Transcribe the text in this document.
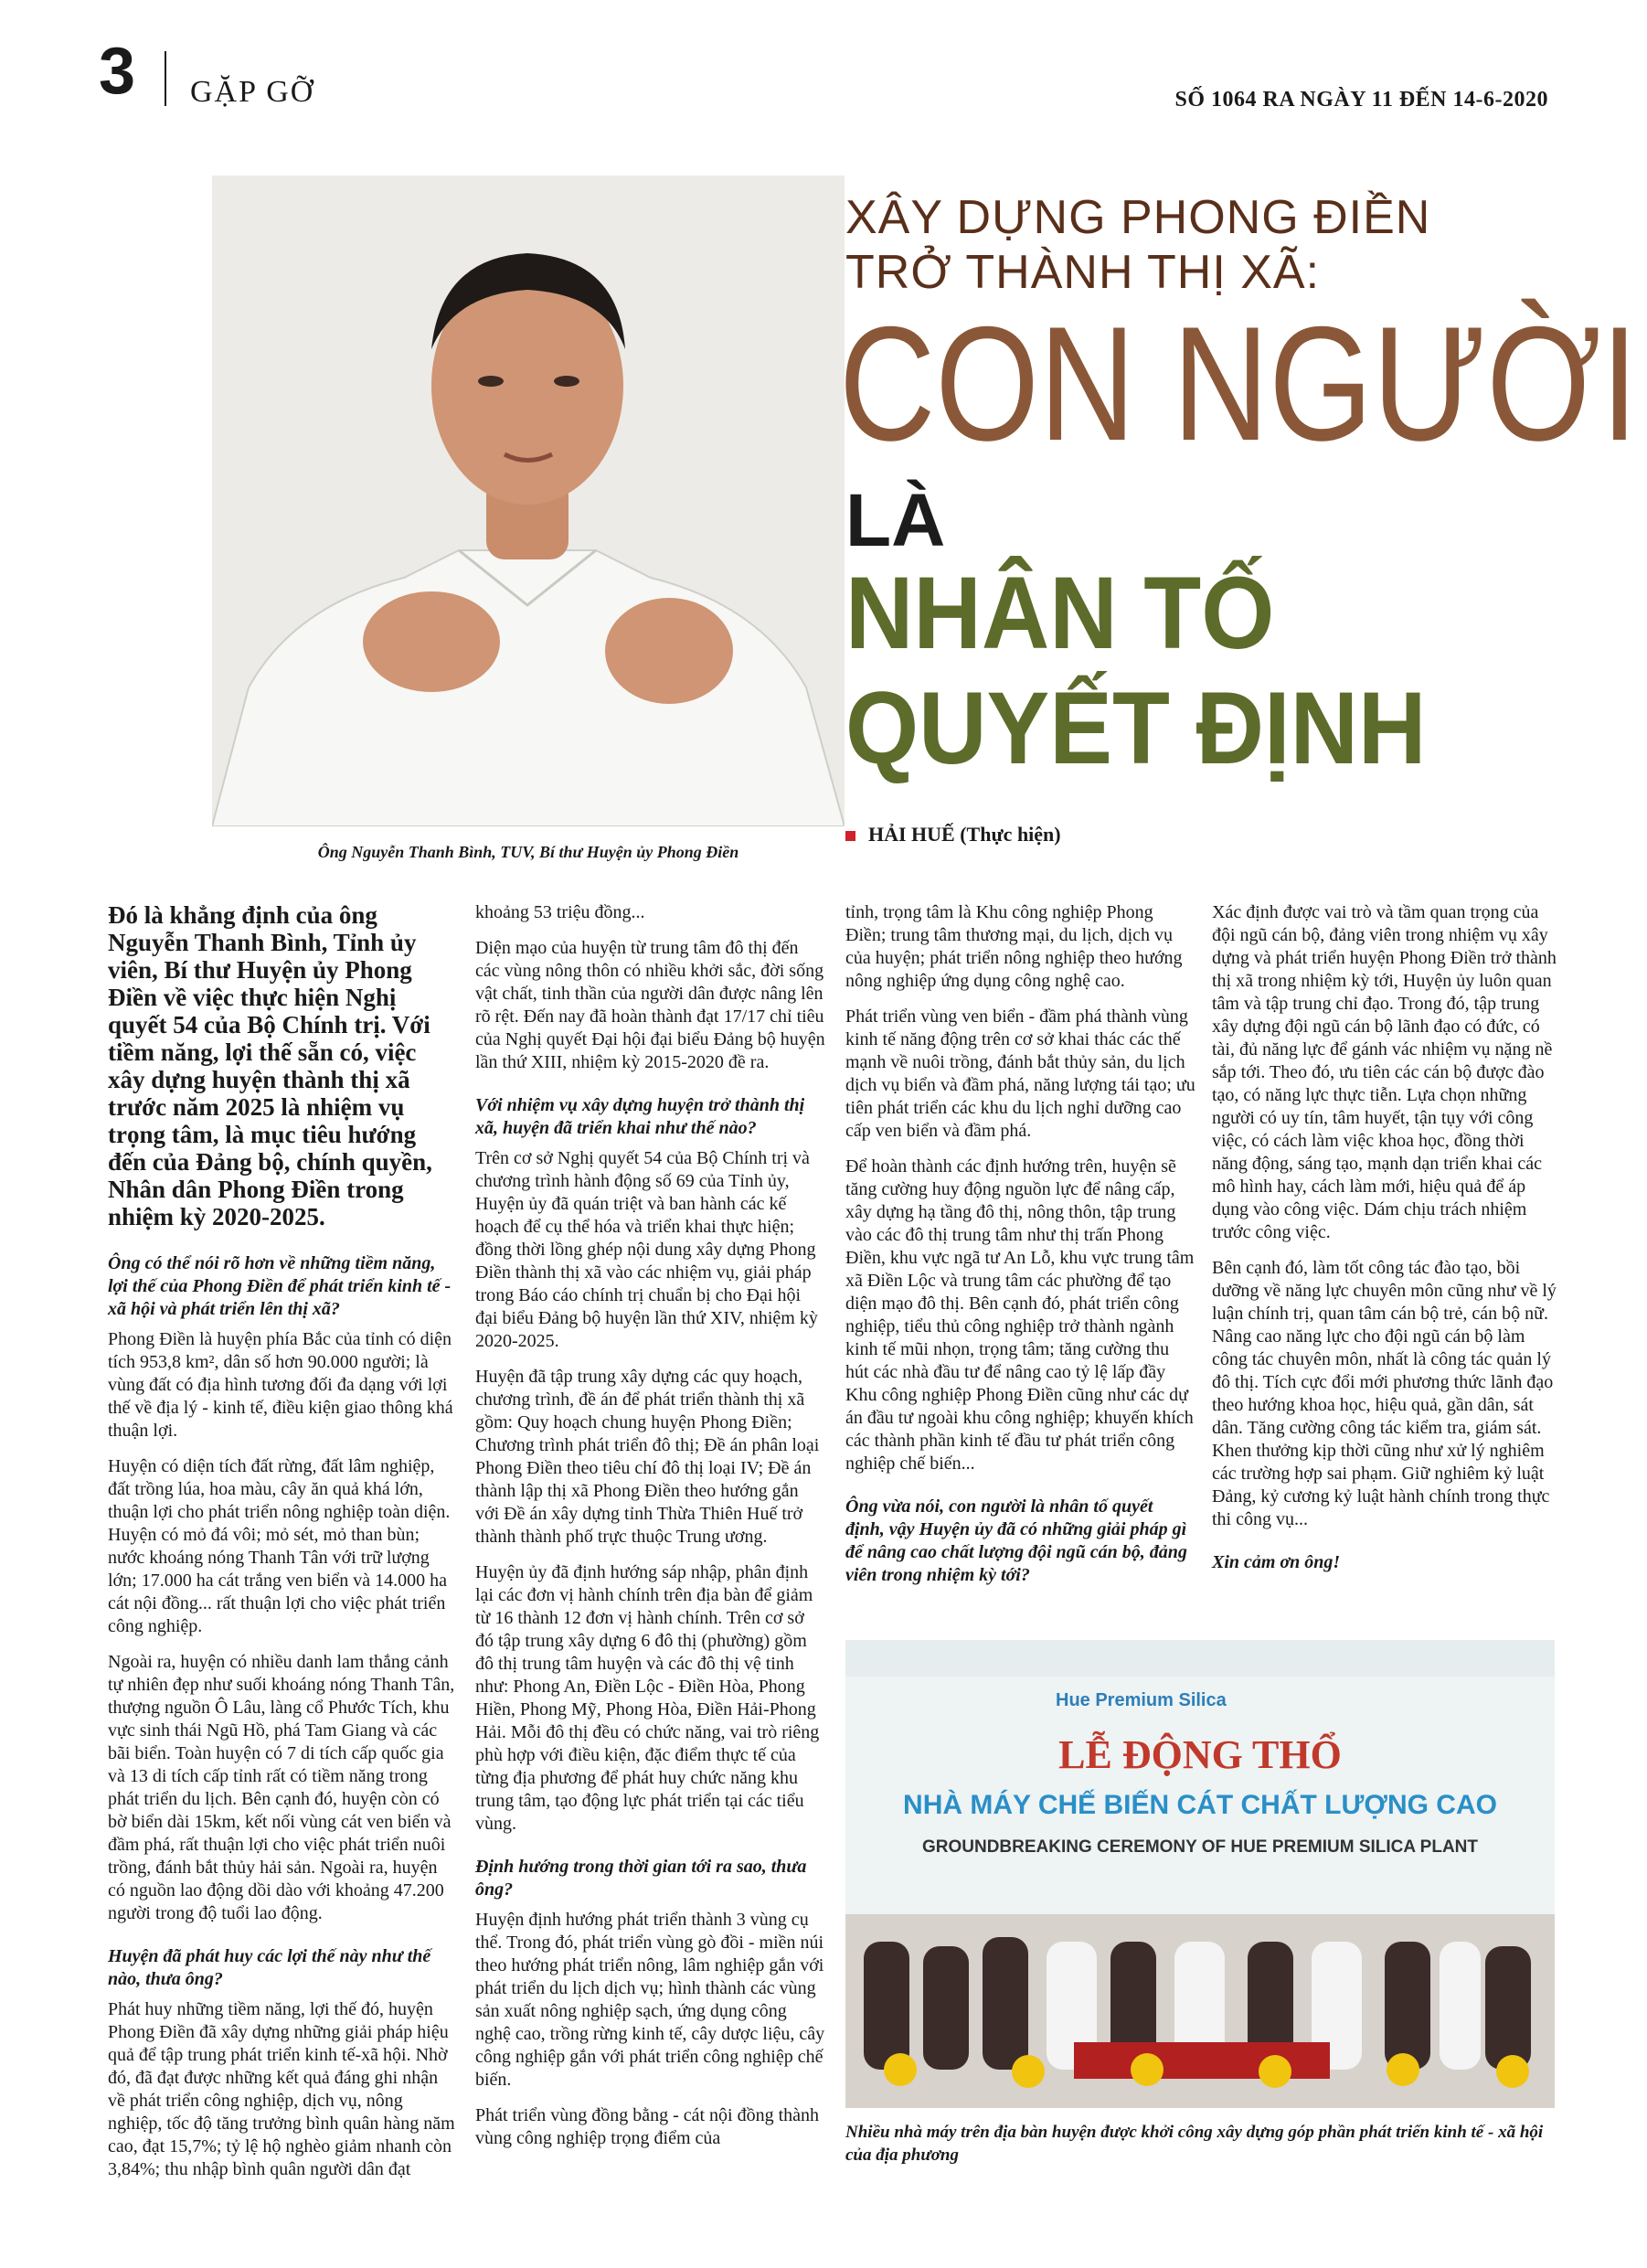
3 GẶP GỠ	SỐ 1064 RA NGÀY 11 ĐẾN 14-6-2020
Ông Nguyễn Thanh Bình, TUV, Bí thư Huyện ủy Phong Điền
XÂY DỰNG PHONG ĐIỀN
TRỞ THÀNH THỊ XÃ:
CON NGƯỜI
LÀ
NHÂN TỐ
QUYẾT ĐỊNH
HẢI HUẾ (Thực hiện)

Đó là khẳng định của ông Nguyễn Thanh Bình, Tỉnh ủy viên, Bí thư Huyện ủy Phong Điền về việc thực hiện Nghị quyết 54 của Bộ Chính trị. Với tiềm năng, lợi thế sẵn có, việc xây dựng huyện thành thị xã trước năm 2025 là nhiệm vụ trọng tâm, là mục tiêu hướng đến của Đảng bộ, chính quyền, Nhân dân Phong Điền trong nhiệm kỳ 2020-2025.

Ông có thể nói rõ hơn về những tiềm năng, lợi thế của Phong Điền để phát triển kinh tế - xã hội và phát triển lên thị xã?

Phong Điền là huyện phía Bắc của tỉnh có diện tích 953,8 km², dân số hơn 90.000 người; là vùng đất có địa hình tương đối đa dạng với lợi thế về địa lý - kinh tế, điều kiện giao thông khá thuận lợi.

Huyện có diện tích đất rừng, đất lâm nghiệp, đất trồng lúa, hoa màu, cây ăn quả khá lớn, thuận lợi cho phát triển nông nghiệp toàn diện. Huyện có mỏ đá vôi; mỏ sét, mỏ than bùn; nước khoáng nóng Thanh Tân với trữ lượng lớn; 17.000 ha cát trắng ven biển và 14.000 ha cát nội đồng... rất thuận lợi cho việc phát triển công nghiệp.

Ngoài ra, huyện có nhiều danh lam thắng cảnh tự nhiên đẹp như suối khoáng nóng Thanh Tân, thượng nguồn Ô Lâu, làng cổ Phước Tích, khu vực sinh thái Ngũ Hồ, phá Tam Giang và các bãi biển. Toàn huyện có 7 di tích cấp quốc gia và 13 di tích cấp tỉnh rất có tiềm năng trong phát triển du lịch. Bên cạnh đó, huyện còn có bờ biển dài 15km, kết nối vùng cát ven biển và đầm phá, rất thuận lợi cho việc phát triển nuôi trồng, đánh bắt thủy hải sản. Ngoài ra, huyện có nguồn lao động dồi dào với khoảng 47.200 người trong độ tuổi lao động.

Huyện đã phát huy các lợi thế này như thế nào, thưa ông?

Phát huy những tiềm năng, lợi thế đó, huyện Phong Điền đã xây dựng những giải pháp hiệu quả để tập trung phát triển kinh tế-xã hội. Nhờ đó, đã đạt được những kết quả đáng ghi nhận về phát triển công nghiệp, dịch vụ, nông nghiệp, tốc độ tăng trưởng bình quân hàng năm cao, đạt 15,7%; tỷ lệ hộ nghèo giảm nhanh còn 3,84%; thu nhập bình quân người dân đạt

khoảng 53 triệu đồng...

Diện mạo của huyện từ trung tâm đô thị đến các vùng nông thôn có nhiều khởi sắc, đời sống vật chất, tinh thần của người dân được nâng lên rõ rệt. Đến nay đã hoàn thành đạt 17/17 chỉ tiêu của Nghị quyết Đại hội đại biểu Đảng bộ huyện lần thứ XIII, nhiệm kỳ 2015-2020 đề ra.

Với nhiệm vụ xây dựng huyện trở thành thị xã, huyện đã triển khai như thế nào?

Trên cơ sở Nghị quyết 54 của Bộ Chính trị và chương trình hành động số 69 của Tỉnh ủy, Huyện ủy đã quán triệt và ban hành các kế hoạch để cụ thể hóa và triển khai thực hiện; đồng thời lồng ghép nội dung xây dựng Phong Điền thành thị xã vào các nhiệm vụ, giải pháp trong Báo cáo chính trị chuẩn bị cho Đại hội đại biểu Đảng bộ huyện lần thứ XIV, nhiệm kỳ 2020-2025.

Huyện đã tập trung xây dựng các quy hoạch, chương trình, đề án để phát triển thành thị xã gồm: Quy hoạch chung huyện Phong Điền; Chương trình phát triển đô thị; Đề án phân loại Phong Điền theo tiêu chí đô thị loại IV; Đề án thành lập thị xã Phong Điền theo hướng gắn với Đề án xây dựng tỉnh Thừa Thiên Huế trở thành thành phố trực thuộc Trung ương.

Huyện ủy đã định hướng sáp nhập, phân định lại các đơn vị hành chính trên địa bàn để giảm từ 16 thành 12 đơn vị hành chính. Trên cơ sở đó tập trung xây dựng 6 đô thị (phường) gồm đô thị trung tâm huyện và các đô thị vệ tinh như: Phong An, Điền Lộc - Điền Hòa, Phong Hiền, Phong Mỹ, Phong Hòa, Điền Hải-Phong Hải. Mỗi đô thị đều có chức năng, vai trò riêng phù hợp với điều kiện, đặc điểm thực tế của từng địa phương để phát huy chức năng khu trung tâm, tạo động lực phát triển tại các tiểu vùng.

Định hướng trong thời gian tới ra sao, thưa ông?

Huyện định hướng phát triển thành 3 vùng cụ thể. Trong đó, phát triển vùng gò đồi - miền núi theo hướng phát triển nông, lâm nghiệp gắn với phát triển du lịch dịch vụ; hình thành các vùng sản xuất nông nghiệp sạch, ứng dụng công nghệ cao, trồng rừng kinh tế, cây dược liệu, cây công nghiệp gắn với phát triển công nghiệp chế biến.

Phát triển vùng đồng bằng - cát nội đồng thành vùng công nghiệp trọng điểm của

tỉnh, trọng tâm là Khu công nghiệp Phong Điền; trung tâm thương mại, du lịch, dịch vụ của huyện; phát triển nông nghiệp theo hướng nông nghiệp ứng dụng công nghệ cao.

Phát triển vùng ven biển - đầm phá thành vùng kinh tế năng động trên cơ sở khai thác các thế mạnh về nuôi trồng, đánh bắt thủy sản, du lịch dịch vụ biển và đầm phá, năng lượng tái tạo; ưu tiên phát triển các khu du lịch nghỉ dưỡng cao cấp ven biển và đầm phá.

Để hoàn thành các định hướng trên, huyện sẽ tăng cường huy động nguồn lực để nâng cấp, xây dựng hạ tầng đô thị, nông thôn, tập trung vào các đô thị trung tâm như thị trấn Phong Điền, khu vực ngã tư An Lỗ, khu vực trung tâm xã Điền Lộc và trung tâm các phường để tạo diện mạo đô thị. Bên cạnh đó, phát triển công nghiệp, tiểu thủ công nghiệp trở thành ngành kinh tế mũi nhọn, trọng tâm; tăng cường thu hút các nhà đầu tư để nâng cao tỷ lệ lấp đầy Khu công nghiệp Phong Điền cũng như các dự án đầu tư ngoài khu công nghiệp; khuyến khích các thành phần kinh tế đầu tư phát triển công nghiệp chế biến...

Ông vừa nói, con người là nhân tố quyết định, vậy Huyện ủy đã có những giải pháp gì để nâng cao chất lượng đội ngũ cán bộ, đảng viên trong nhiệm kỳ tới?

Xác định được vai trò và tầm quan trọng của đội ngũ cán bộ, đảng viên trong nhiệm vụ xây dựng và phát triển huyện Phong Điền trở thành thị xã trong nhiệm kỳ tới, Huyện ủy luôn quan tâm và tập trung chỉ đạo. Trong đó, tập trung xây dựng đội ngũ cán bộ lãnh đạo có đức, có tài, đủ năng lực để gánh vác nhiệm vụ nặng nề sắp tới. Theo đó, ưu tiên các cán bộ được đào tạo, có năng lực thực tiễn. Lựa chọn những người có uy tín, tâm huyết, tận tụy với công việc, có cách làm việc khoa học, đồng thời năng động, sáng tạo, mạnh dạn triển khai các mô hình hay, cách làm mới, hiệu quả để áp dụng vào công việc. Dám chịu trách nhiệm trước công việc.

Bên cạnh đó, làm tốt công tác đào tạo, bồi dưỡng về năng lực chuyên môn cũng như về lý luận chính trị, quan tâm cán bộ trẻ, cán bộ nữ. Nâng cao năng lực cho đội ngũ cán bộ làm công tác chuyên môn, nhất là công tác quản lý đô thị. Tích cực đổi mới phương thức lãnh đạo theo hướng khoa học, hiệu quả, gần dân, sát dân. Tăng cường công tác kiểm tra, giám sát. Khen thưởng kịp thời cũng như xử lý nghiêm các trường hợp sai phạm. Giữ nghiêm kỷ luật Đảng, kỷ cương kỷ luật hành chính trong thực thi công vụ...

Xin cảm ơn ông!

Hue Premium Silica
LỄ ĐỘNG THỔ
NHÀ MÁY CHẾ BIẾN CÁT CHẤT LƯỢNG CAO
GROUNDBREAKING CEREMONY OF HUE PREMIUM SILICA PLANT
Nhiều nhà máy trên địa bàn huyện được khởi công xây dựng góp phần phát triển kinh tế - xã hội của địa phương
